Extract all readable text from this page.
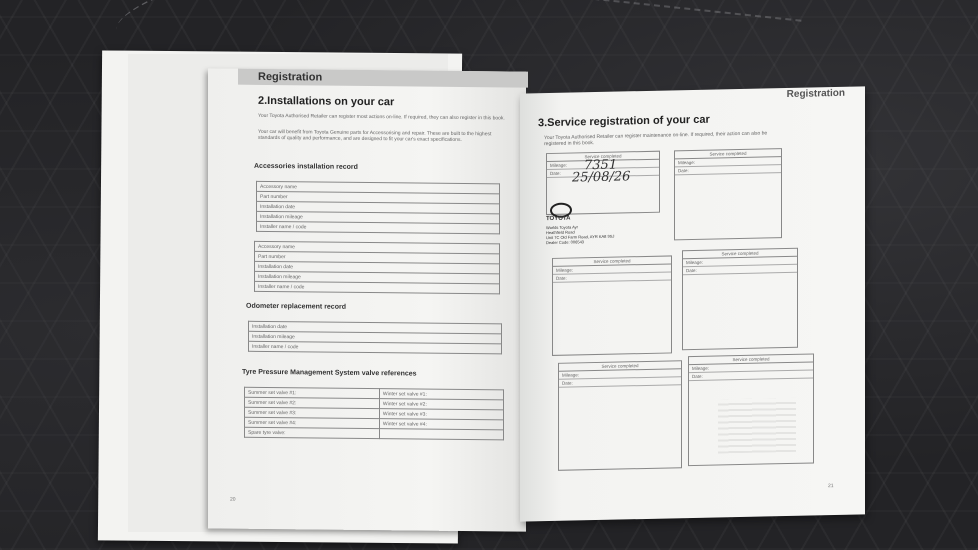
Registration
2.Installations on your car
Your Toyota Authorised Retailer can register most actions on-line. If required, they can also register in this book.
Your car will benefit from Toyota Genuine parts for Accessorising and repair. These are built to the highest standards of quality and performance, and are designed to fit your car's exact specifications.
Accessories installation record
Accessory name
Part number
Installation date
Installation mileage
Installer name / code
Accessory name
Part number
Installation date
Installation mileage
Installer name / code
Odometer replacement record
Installation date
Installation mileage
Installer name / code
Tyre Pressure Management System valve references
Summer set valve #1:	Winter set valve #1:
Summer set valve #2:	Winter set valve #2:
Summer set valve #3:	Winter set valve #3:
Summer set valve #4:	Winter set valve #4:
Spare tyre valve:	
20
Registration
3.Service registration of your car
Your Toyota Authorised Retailer can register maintenance on-line. If required, their action can also be registered in this book.
Service completed
Mileage:
Date:
7351
25/08/26
TOYOTA
Worlds Toyota Ayr
Heathfield Road
Unit 7C Old Farm Road, AYR KA8 9SJ
Dealer Code: 006543
Service completed
Mileage:
Date:
Service completed
Mileage:
Date:
Service completed
Mileage:
Date:
Service completed
Mileage:
Date:
Service completed
Mileage:
Date:
21
